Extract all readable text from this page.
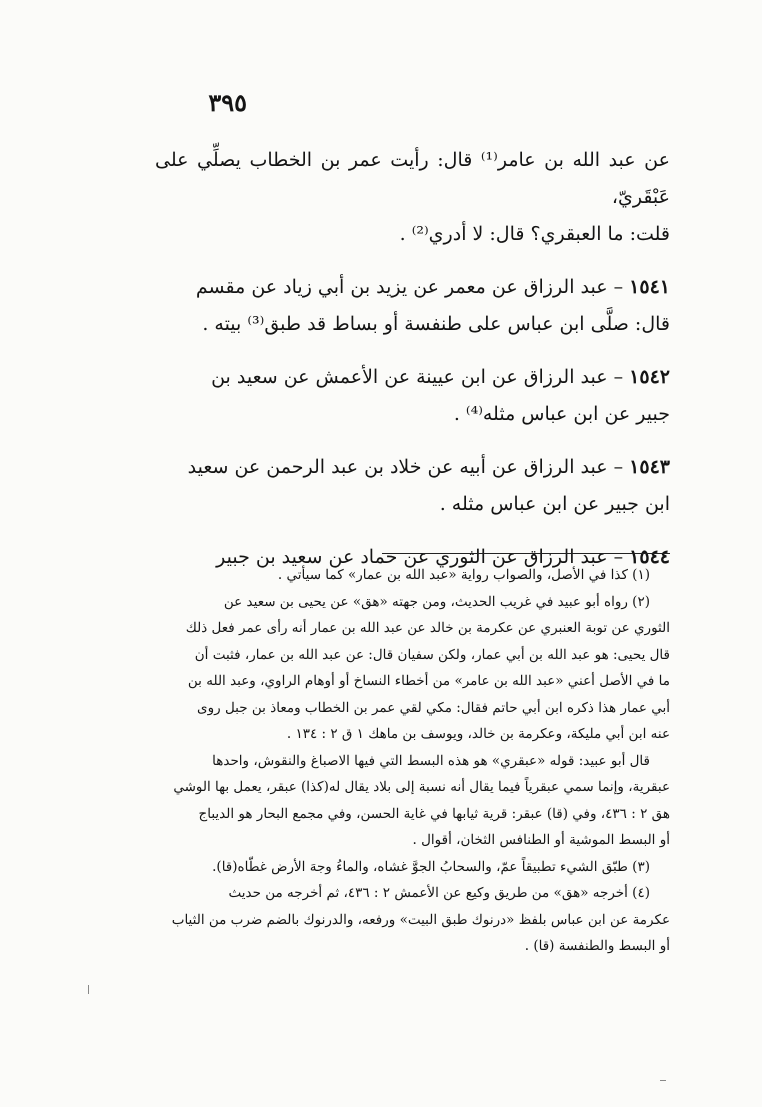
٣٩٥

عن عبد الله بن عامر⁽¹⁾ قال: رأيت عمر بن الخطاب يصلِّي على عَبْقَريّ،
قلت: ما العبقري؟ قال: لا أدري⁽²⁾ .

١٥٤١ – عبد الرزاق عن معمر عن يزيد بن أبي زياد عن مقسم
قال: صلَّى ابن عباس على طنفسة أو بساط قد طبق⁽³⁾ بيته .

١٥٤٢ – عبد الرزاق عن ابن عيينة عن الأعمش عن سعيد بن
جبير عن ابن عباس مثله⁽⁴⁾ .

١٥٤٣ – عبد الرزاق عن أبيه عن خلاد بن عبد الرحمن عن سعيد
ابن جبير عن ابن عباس مثله .

١٥٤٤ – عبد الرزاق عن الثوري عن حماد عن سعيد بن جبير

(١) كذا في الأصل، والصواب رواية «عبد الله بن عمار» كما سيأتي .

(٢) رواه أبو عبيد في غريب الحديث، ومن جهته «هق» عن يحيى بن سعيد عن
الثوري عن توبة العنبري عن عكرمة بن خالد عن عبد الله بن عمار أنه رأى عمر فعل ذلك
قال يحيى: هو عبد الله بن أبي عمار، ولكن سفيان قال: عن عبد الله بن عمار، فثبت أن
ما في الأصل أعني «عبد الله بن عامر» من أخطاء النساخ أو أوهام الراوي، وعبد الله بن
أبي عمار هذا ذكره ابن أبي حاتم فقال: مكي لقي عمر بن الخطاب ومعاذ بن جبل روى
عنه ابن أبي مليكة، وعكرمة بن خالد، ويوسف بن ماهك ١ ق ٢ : ١٣٤ .
قال أبو عبيد: قوله «عبقري» هو هذه البسط التي فيها الاصباغ والنقوش، واحدها
عبقرية، وإنما سمي عبقرياً فيما يقال أنه نسبة إلى بلاد يقال له(كذا) عبقر، يعمل بها الوشي
هق ٢ : ٤٣٦، وفي (قا) عبقر: قرية ثيابها في غاية الحسن، وفي مجمع البحار هو الديباج
أو البسط الموشية أو الطنافس الثخان، أقوال .

(٣) طبّق الشيء تطبيقاً عمّ، والسحابُ الجوَّ غشاه، والماءُ وجهَ الأرض غطّاه(قا).

(٤) أخرجه «هق» من طريق وكيع عن الأعمش ٢ : ٤٣٦، ثم أخرجه من حديث
عكرمة عن ابن عباس بلفظ «درنوك طبق البيت» ورفعه، والدرنوك بالضم ضرب من الثياب
أو البسط والطنفسة (قا) .
